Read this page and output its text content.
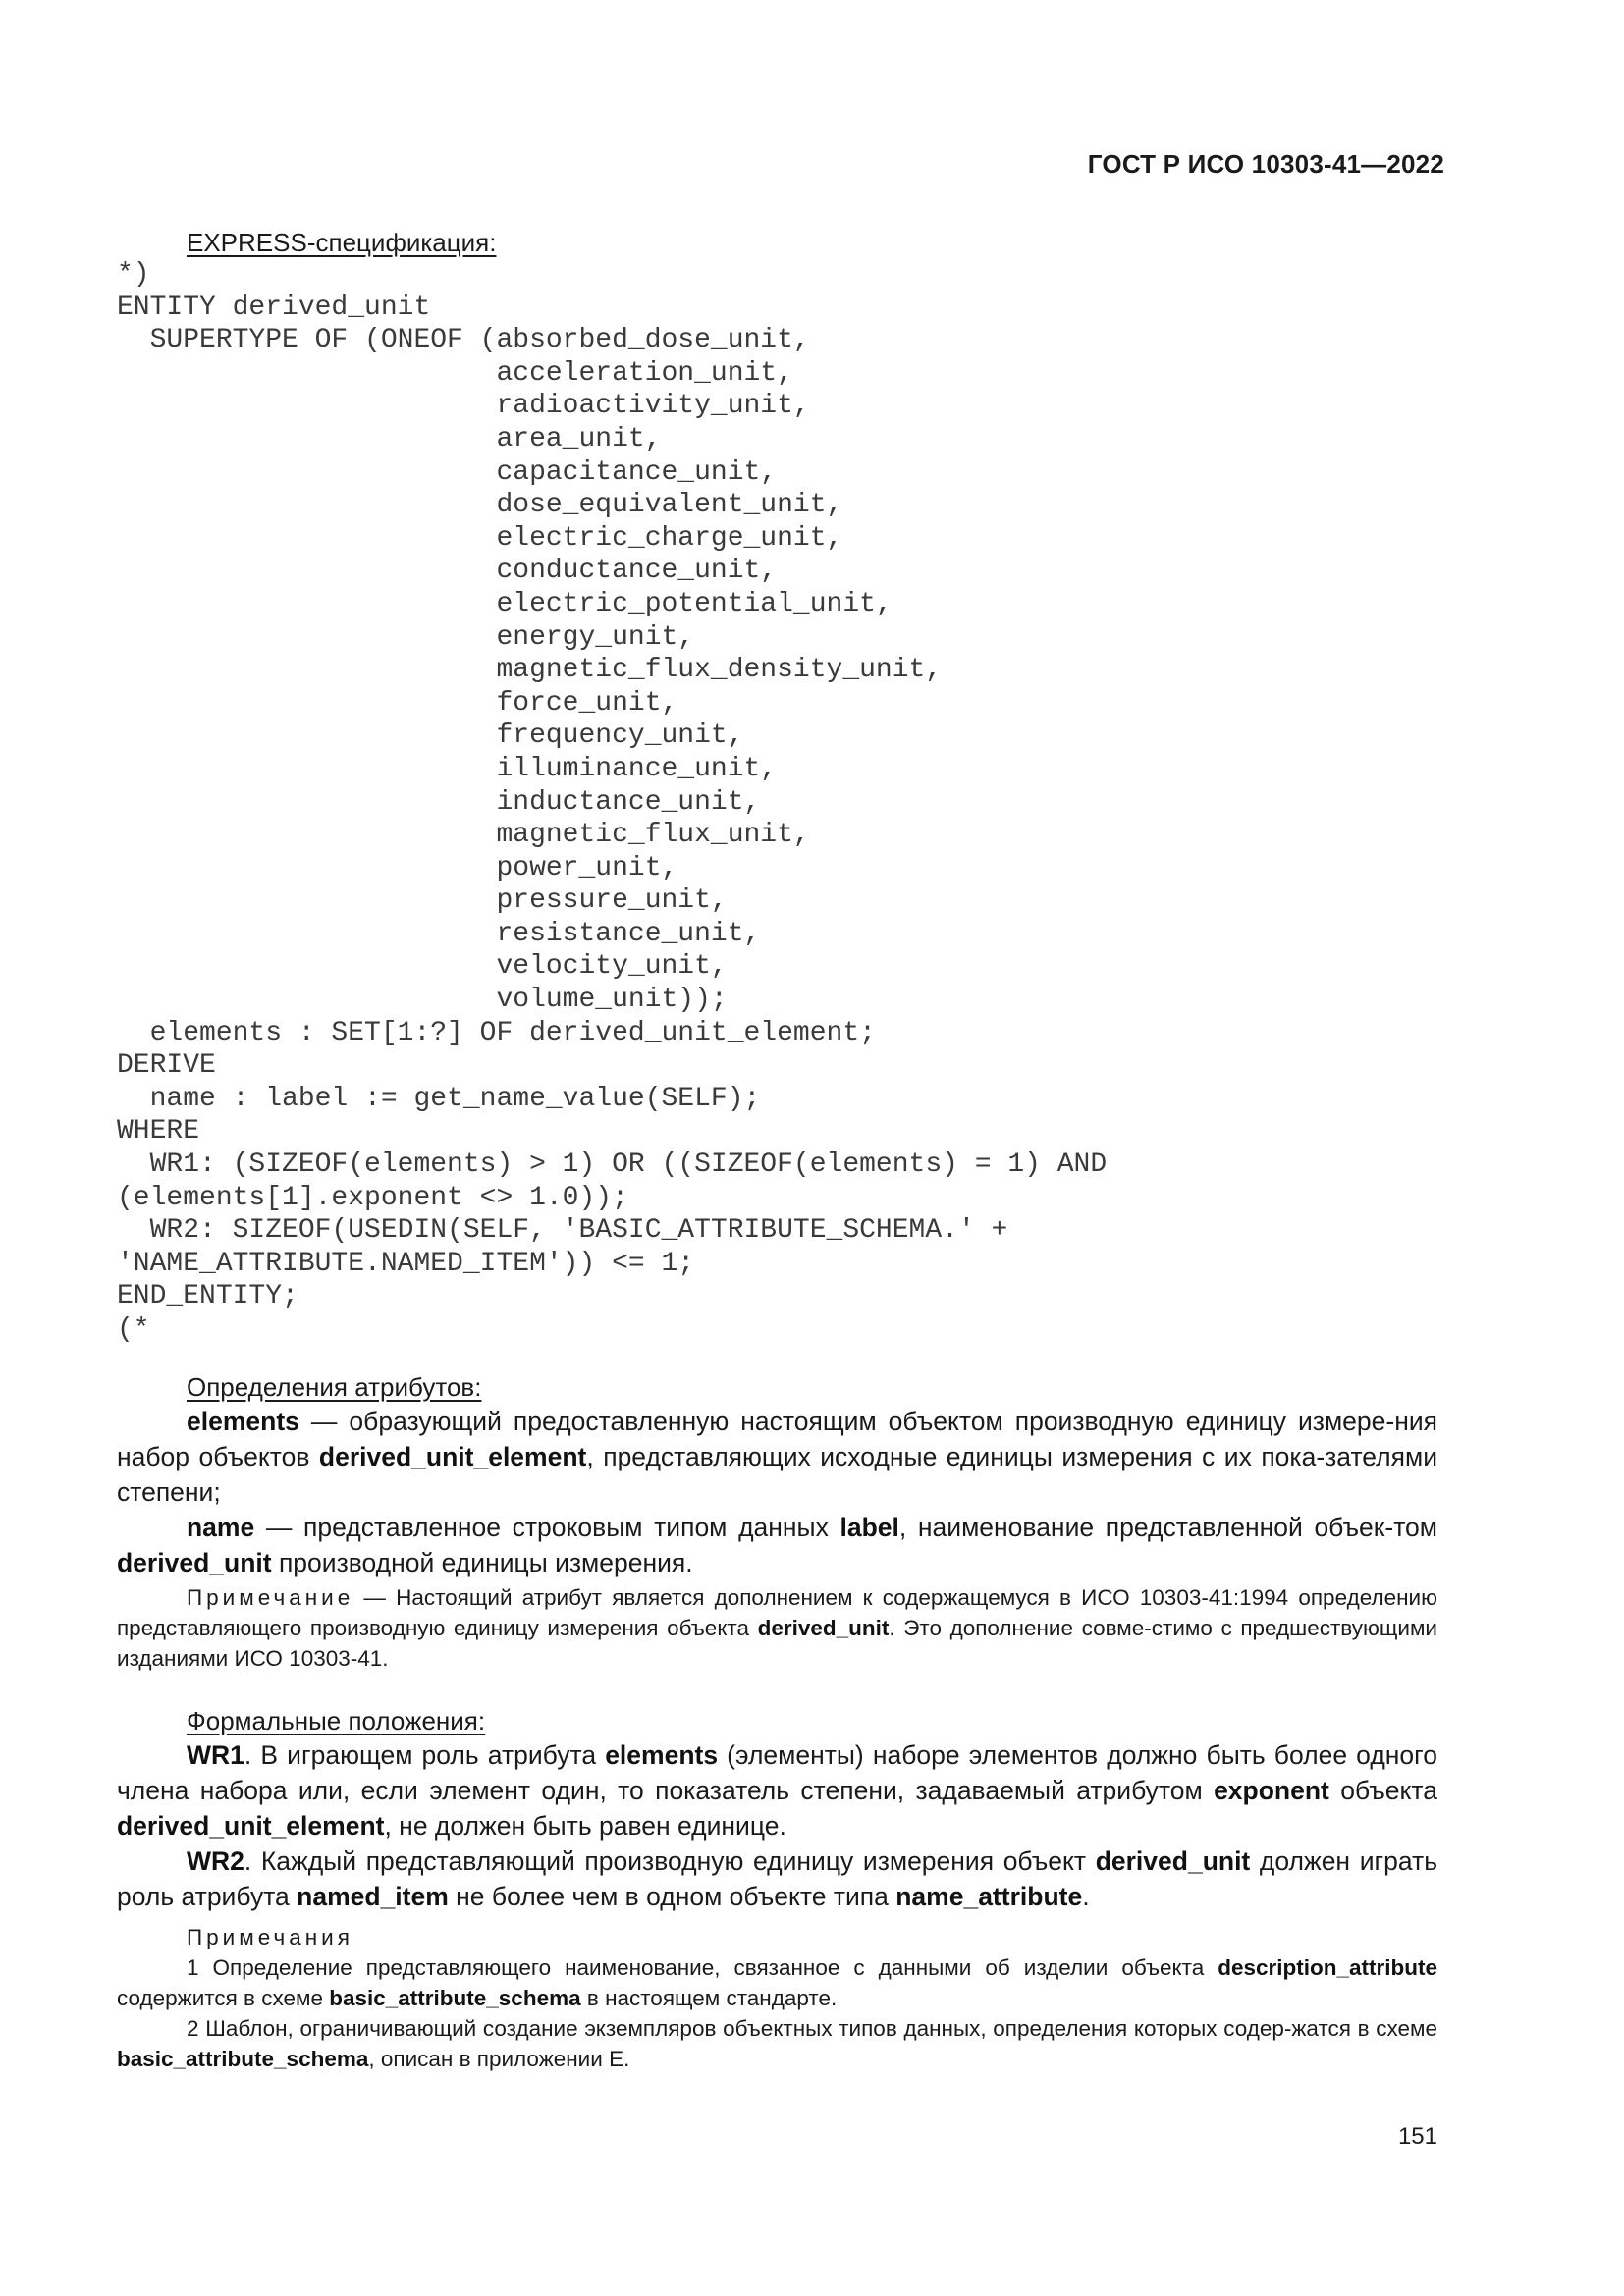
ГОСТ Р ИСО 10303-41—2022
EXPRESS-спецификация:
*)
ENTITY derived_unit
SUPERTYPE OF (ONEOF (absorbed_dose_unit,
acceleration_unit,
radioactivity_unit,
area_unit,
capacitance_unit,
dose_equivalent_unit,
electric_charge_unit,
conductance_unit,
electric_potential_unit,
energy_unit,
magnetic_flux_density_unit,
force_unit,
frequency_unit,
illuminance_unit,
inductance_unit,
magnetic_flux_unit,
power_unit,
pressure_unit,
resistance_unit,
velocity_unit,
volume_unit));
elements : SET[1:?] OF derived_unit_element;
DERIVE
name : label := get_name_value(SELF);
WHERE
WR1: (SIZEOF(elements) > 1) OR ((SIZEOF(elements) = 1) AND
(elements[1].exponent <> 1.0));
WR2: SIZEOF(USEDIN(SELF, 'BASIC_ATTRIBUTE_SCHEMA.' +
'NAME_ATTRIBUTE.NAMED_ITEM')) <= 1;
END_ENTITY;
(*
Определения атрибутов:

elements — образующий предоставленную настоящим объектом производную единицу измере-ния набор объектов derived_unit_element, представляющих исходные единицы измерения с их пока-зателями степени;

name — представленное строковым типом данных label, наименование представленной объек-том derived_unit производной единицы измерения.

Примечание — Настоящий атрибут является дополнением к содержащемуся в ИСО 10303-41:1994 определению представляющего производную единицу измерения объекта derived_unit. Это дополнение совме-стимо с предшествующими изданиями ИСО 10303-41.

Формальные положения:

WR1. В играющем роль атрибута elements (элементы) наборе элементов должно быть более одного члена набора или, если элемент один, то показатель степени, задаваемый атрибутом exponent объекта derived_unit_element, не должен быть равен единице.

WR2. Каждый представляющий производную единицу измерения объект derived_unit должен играть роль атрибута named_item не более чем в одном объекте типа name_attribute.

Примечания

1 Определение представляющего наименование, связанное с данными об изделии объекта description_attribute содержится в схеме basic_attribute_schema в настоящем стандарте.

2 Шаблон, ограничивающий создание экземпляров объектных типов данных, определения которых содер-жатся в схеме basic_attribute_schema, описан в приложении Е.

151
